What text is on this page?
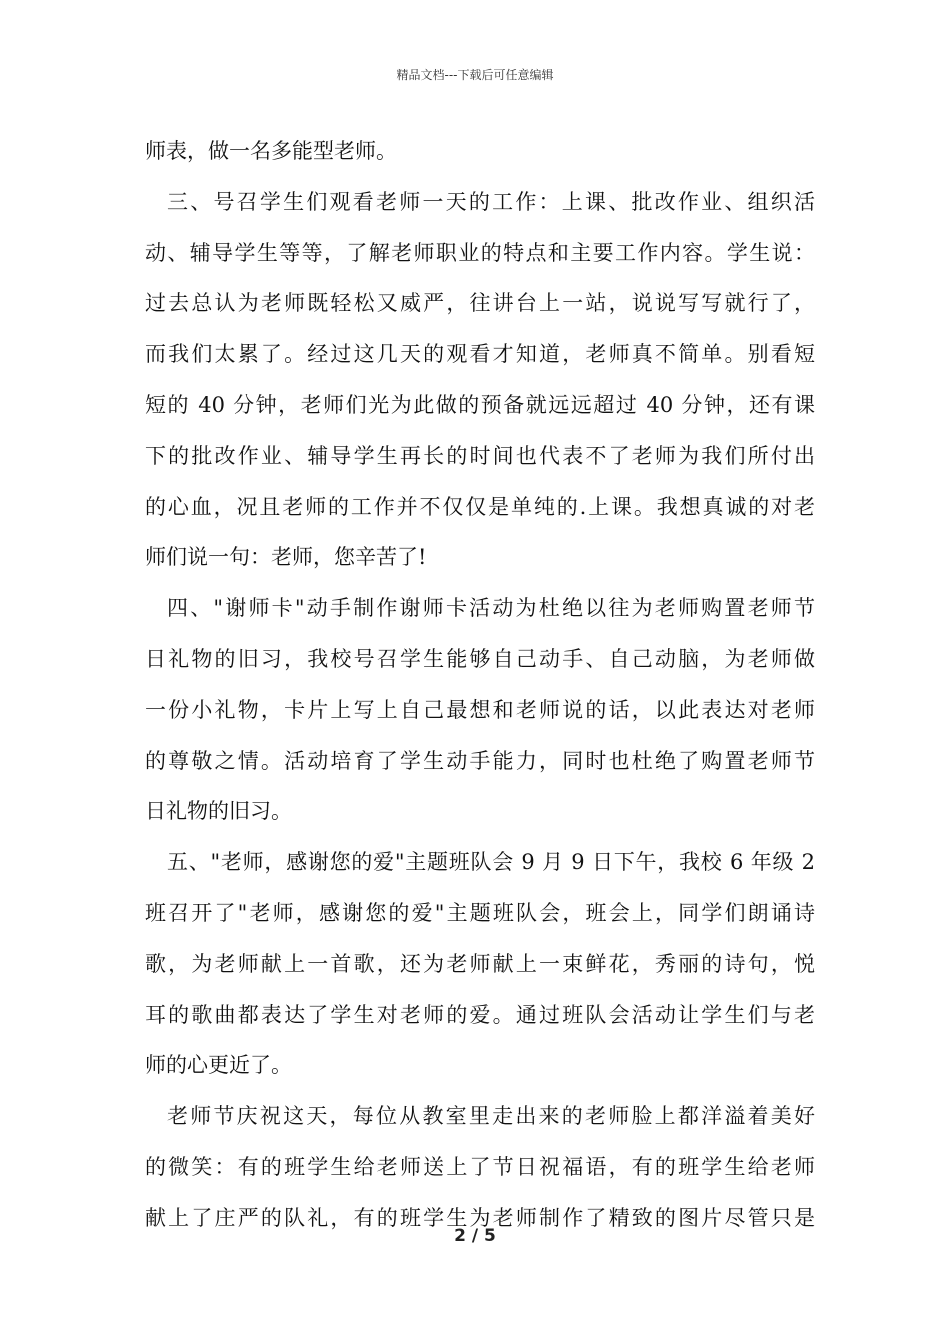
精品文档---下载后可任意编辑
师表，做一名多能型老师。
三、号召学生们观看老师一天的工作：上课、批改作业、组织活
动、辅导学生等等，了解老师职业的特点和主要工作内容。学生说：
过去总认为老师既轻松又威严，往讲台上一站，说说写写就行了，
而我们太累了。经过这几天的观看才知道，老师真不简单。别看短
短的 40 分钟，老师们光为此做的预备就远远超过 40 分钟，还有课
下的批改作业、辅导学生再长的时间也代表不了老师为我们所付出
的心血，况且老师的工作并不仅仅是单纯的.上课。我想真诚的对老
师们说一句：老师，您辛苦了!
四、"谢师卡"动手制作谢师卡活动为杜绝以往为老师购置老师节
日礼物的旧习，我校号召学生能够自己动手、自己动脑，为老师做
一份小礼物，卡片上写上自己最想和老师说的话，以此表达对老师
的尊敬之情。活动培育了学生动手能力，同时也杜绝了购置老师节
日礼物的旧习。
五、"老师，感谢您的爱"主题班队会 9 月 9 日下午，我校 6 年级 2
班召开了"老师，感谢您的爱"主题班队会，班会上，同学们朗诵诗
歌，为老师献上一首歌，还为老师献上一束鲜花，秀丽的诗句，悦
耳的歌曲都表达了学生对老师的爱。通过班队会活动让学生们与老
师的心更近了。
老师节庆祝这天，每位从教室里走出来的老师脸上都洋溢着美好
的微笑：有的班学生给老师送上了节日祝福语，有的班学生给老师
献上了庄严的队礼，有的班学生为老师制作了精致的图片尽管只是
2 / 5
